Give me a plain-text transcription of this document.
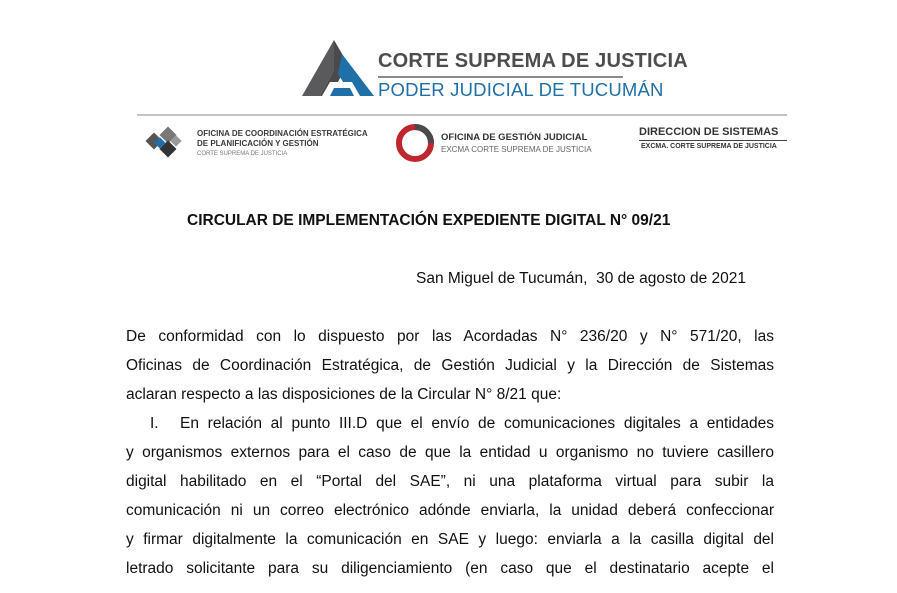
CORTE SUPREMA DE JUSTICIA
PODER JUDICIAL DE TUCUMÁN
OFICINA DE COORDINACIÓN ESTRATÉGICA
DE PLANIFICACIÓN Y GESTIÓN
CORTE SUPREMA DE JUSTICIA
OFICINA DE GESTIÓN JUDICIAL
EXCMA CORTE SUPREMA DE JUSTICIA
DIRECCION DE SISTEMAS
EXCMA. CORTE SUPREMA DE JUSTICIA
CIRCULAR DE IMPLEMENTACIÓN EXPEDIENTE DIGITAL N° 09/21
San Miguel de Tucumán,  30 de agosto de 2021
De conformidad con lo dispuesto por las Acordadas N° 236/20 y N° 571/20, las
Oficinas de Coordinación Estratégica, de Gestión Judicial y la Dirección de Sistemas
aclaran respecto a las disposiciones de la Circular N° 8/21 que:
I.	En relación al punto III.D que el envío de comunicaciones digitales a entidades
y organismos externos para el caso de que la entidad u organismo no tuviere casillero
digital habilitado en el “Portal del SAE”, ni una plataforma virtual para subir la
comunicación ni un correo electrónico adónde enviarla, la unidad deberá confeccionar
y firmar digitalmente la comunicación en SAE y luego: enviarla a la casilla digital del
letrado solicitante para su diligenciamiento (en caso que el destinatario acepte el
